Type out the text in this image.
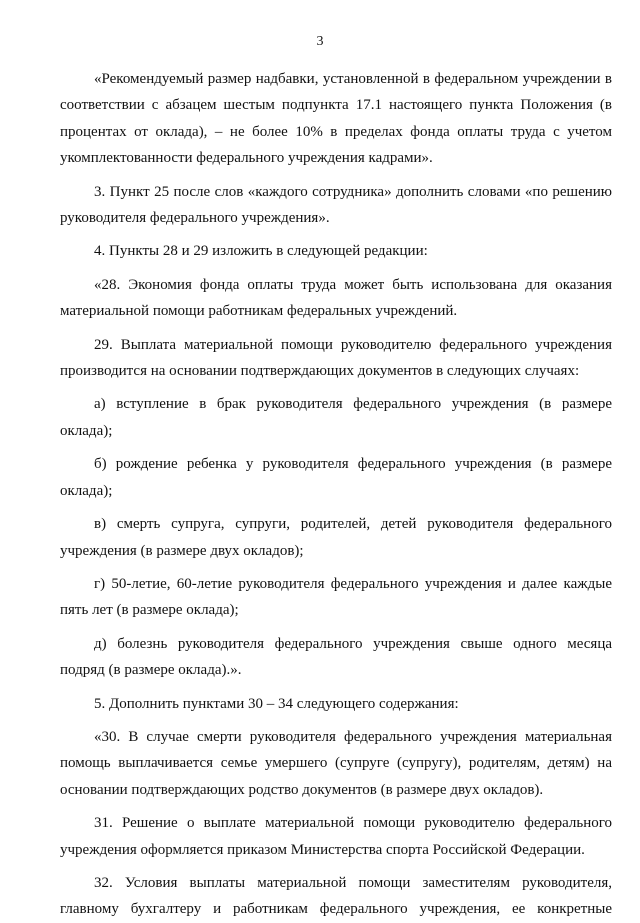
3

«Рекомендуемый размер надбавки, установленной в федеральном учреждении в соответствии с абзацем шестым подпункта 17.1 настоящего пункта Положения (в процентах от оклада), – не более 10% в пределах фонда оплаты труда с учетом укомплектованности федерального учреждения кадрами».

3. Пункт 25 после слов «каждого сотрудника» дополнить словами «по решению руководителя федерального учреждения».

4. Пункты 28 и 29 изложить в следующей редакции:

«28. Экономия фонда оплаты труда может быть использована для оказания материальной помощи работникам федеральных учреждений.

29. Выплата материальной помощи руководителю федерального учреждения производится на основании подтверждающих документов в следующих случаях:

а) вступление в брак руководителя федерального учреждения (в размере оклада);

б) рождение ребенка у руководителя федерального учреждения (в размере оклада);

в) смерть супруга, супруги, родителей, детей руководителя федерального учреждения (в размере двух окладов);

г) 50-летие, 60-летие руководителя федерального учреждения и далее каждые пять лет (в размере оклада);

д) болезнь руководителя федерального учреждения свыше одного месяца подряд (в размере оклада).».

5. Дополнить пунктами 30 – 34 следующего содержания:

«30. В случае смерти руководителя федерального учреждения материальная помощь выплачивается семье умершего (супруге (супругу), родителям, детям) на основании подтверждающих родство документов (в размере двух окладов).

31. Решение о выплате материальной помощи руководителю федерального учреждения оформляется приказом Министерства спорта Российской Федерации.

32. Условия выплаты материальной помощи заместителям руководителя, главному бухгалтеру и работникам федерального учреждения, ее конкретные
